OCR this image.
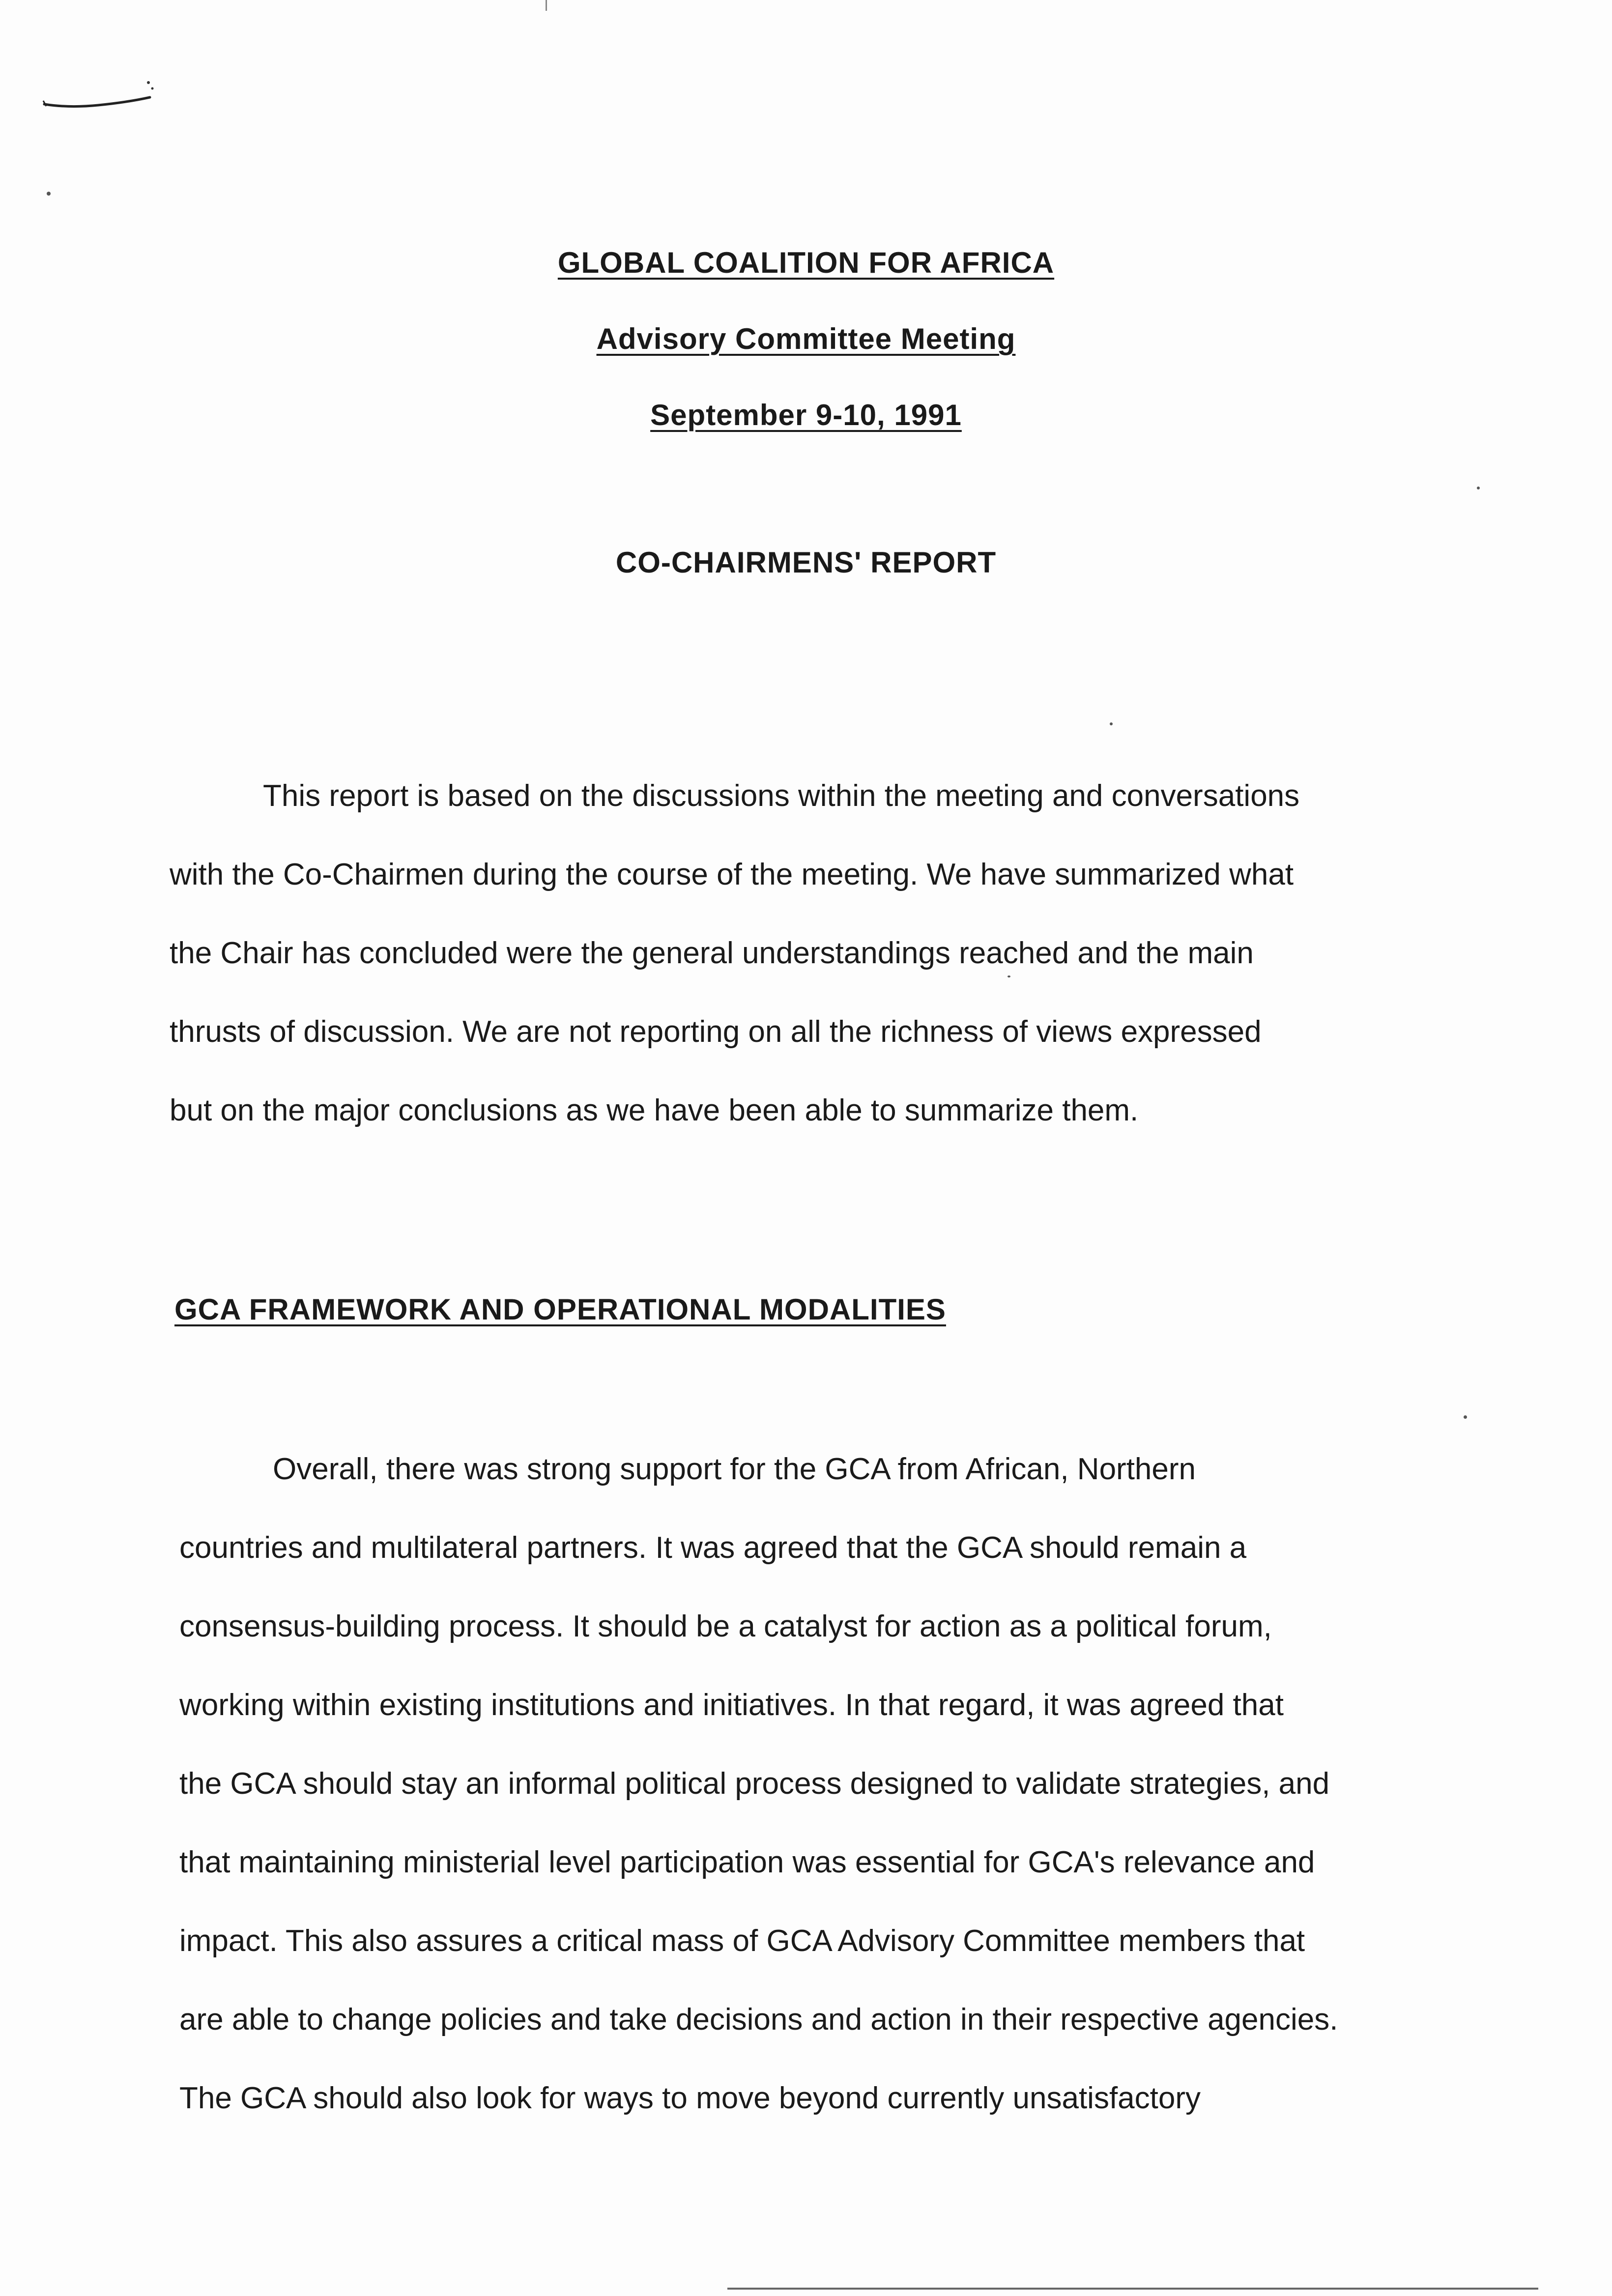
GLOBAL COALITION FOR AFRICA
Advisory Committee Meeting
September 9-10, 1991
CO-CHAIRMENS' REPORT

This report is based on the discussions within the meeting and conversations
with the Co-Chairmen during the course of the meeting. We have summarized what
the Chair has concluded were the general understandings reached and the main
thrusts of discussion. We are not reporting on all the richness of views expressed
but on the major conclusions as we have been able to summarize them.

GCA FRAMEWORK AND OPERATIONAL MODALITIES

Overall, there was strong support for the GCA from African, Northern
countries and multilateral partners. It was agreed that the GCA should remain a
consensus-building process. It should be a catalyst for action as a political forum,
working within existing institutions and initiatives. In that regard, it was agreed that
the GCA should stay an informal political process designed to validate strategies, and
that maintaining ministerial level participation was essential for GCA's relevance and
impact. This also assures a critical mass of GCA Advisory Committee members that
are able to change policies and take decisions and action in their respective agencies.
The GCA should also look for ways to move beyond currently unsatisfactory
